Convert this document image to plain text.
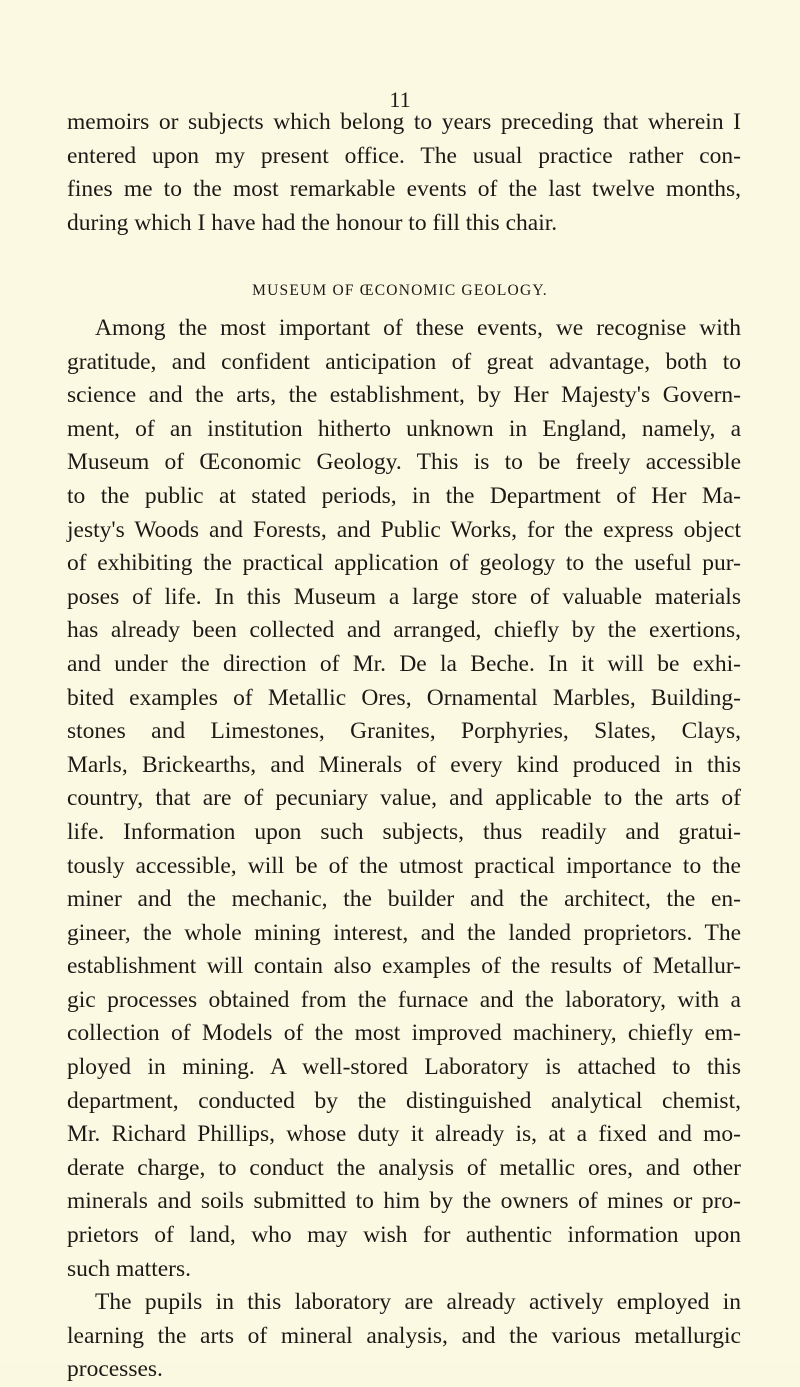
11
memoirs or subjects which belong to years preceding that wherein I
entered upon my present office. The usual practice rather con-
fines me to the most remarkable events of the last twelve months,
during which I have had the honour to fill this chair.
MUSEUM OF ŒCONOMIC GEOLOGY.
Among the most important of these events, we recognise with
gratitude, and confident anticipation of great advantage, both to
science and the arts, the establishment, by Her Majesty's Govern-
ment, of an institution hitherto unknown in England, namely, a
Museum of Œconomic Geology. This is to be freely accessible
to the public at stated periods, in the Department of Her Ma-
jesty's Woods and Forests, and Public Works, for the express object
of exhibiting the practical application of geology to the useful pur-
poses of life. In this Museum a large store of valuable materials
has already been collected and arranged, chiefly by the exertions,
and under the direction of Mr. De la Beche. In it will be exhi-
bited examples of Metallic Ores, Ornamental Marbles, Building-
stones and Limestones, Granites, Porphyries, Slates, Clays,
Marls, Brickearths, and Minerals of every kind produced in this
country, that are of pecuniary value, and applicable to the arts of
life. Information upon such subjects, thus readily and gratui-
tously accessible, will be of the utmost practical importance to the
miner and the mechanic, the builder and the architect, the en-
gineer, the whole mining interest, and the landed proprietors. The
establishment will contain also examples of the results of Metallur-
gic processes obtained from the furnace and the laboratory, with a
collection of Models of the most improved machinery, chiefly em-
ployed in mining. A well-stored Laboratory is attached to this
department, conducted by the distinguished analytical chemist,
Mr. Richard Phillips, whose duty it already is, at a fixed and mo-
derate charge, to conduct the analysis of metallic ores, and other
minerals and soils submitted to him by the owners of mines or pro-
prietors of land, who may wish for authentic information upon
such matters.
The pupils in this laboratory are already actively employed in
learning the arts of mineral analysis, and the various metallurgic
processes.
